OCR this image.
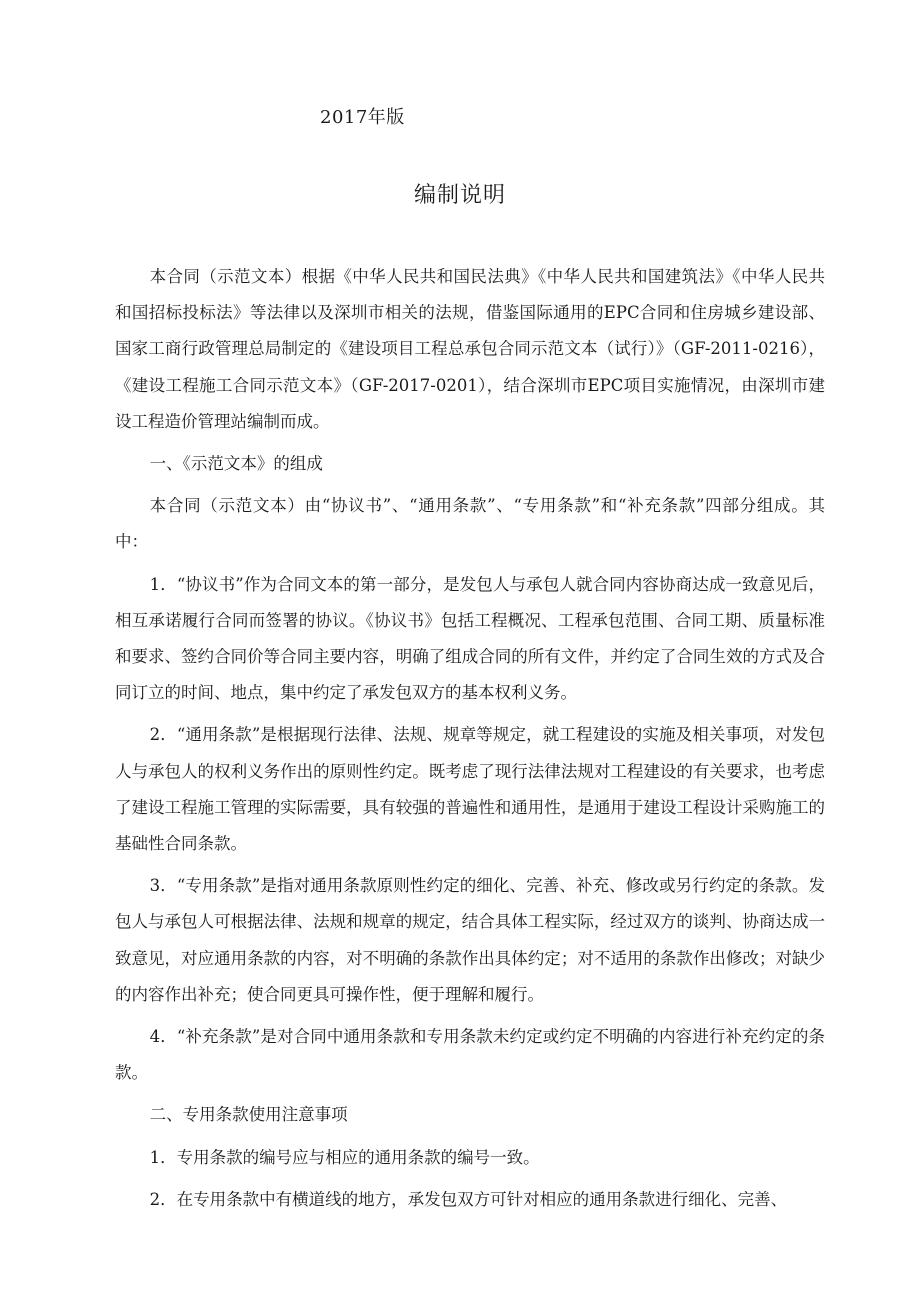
2017年版
编制说明

本合同（示范文本）根据《中华人民共和国民法典》《中华人民共和国建筑法》《中华人民共和国招标投标法》等法律以及深圳市相关的法规，借鉴国际通用的EPC合同和住房城乡建设部、国家工商行政管理总局制定的《建设项目工程总承包合同示范文本（试行）》（GF-2011-0216），《建设工程施工合同示范文本》（GF-2017-0201），结合深圳市EPC项目实施情况，由深圳市建设工程造价管理站编制而成。

一、《示范文本》的组成

本合同（示范文本）由“协议书”、“通用条款”、“专用条款”和“补充条款”四部分组成。其中：

1．“协议书”作为合同文本的第一部分，是发包人与承包人就合同内容协商达成一致意见后，相互承诺履行合同而签署的协议。《协议书》包括工程概况、工程承包范围、合同工期、质量标准和要求、签约合同价等合同主要内容，明确了组成合同的所有文件，并约定了合同生效的方式及合同订立的时间、地点，集中约定了承发包双方的基本权利义务。

2．“通用条款”是根据现行法律、法规、规章等规定，就工程建设的实施及相关事项，对发包人与承包人的权利义务作出的原则性约定。既考虑了现行法律法规对工程建设的有关要求，也考虑了建设工程施工管理的实际需要，具有较强的普遍性和通用性，是通用于建设工程设计采购施工的基础性合同条款。

3．“专用条款”是指对通用条款原则性约定的细化、完善、补充、修改或另行约定的条款。发包人与承包人可根据法律、法规和规章的规定，结合具体工程实际，经过双方的谈判、协商达成一致意见，对应通用条款的内容，对不明确的条款作出具体约定；对不适用的条款作出修改；对缺少的内容作出补充；使合同更具可操作性，便于理解和履行。

4．“补充条款”是对合同中通用条款和专用条款未约定或约定不明确的内容进行补充约定的条款。

二、专用条款使用注意事项

1．专用条款的编号应与相应的通用条款的编号一致。

2．在专用条款中有横道线的地方，承发包双方可针对相应的通用条款进行细化、完善、
